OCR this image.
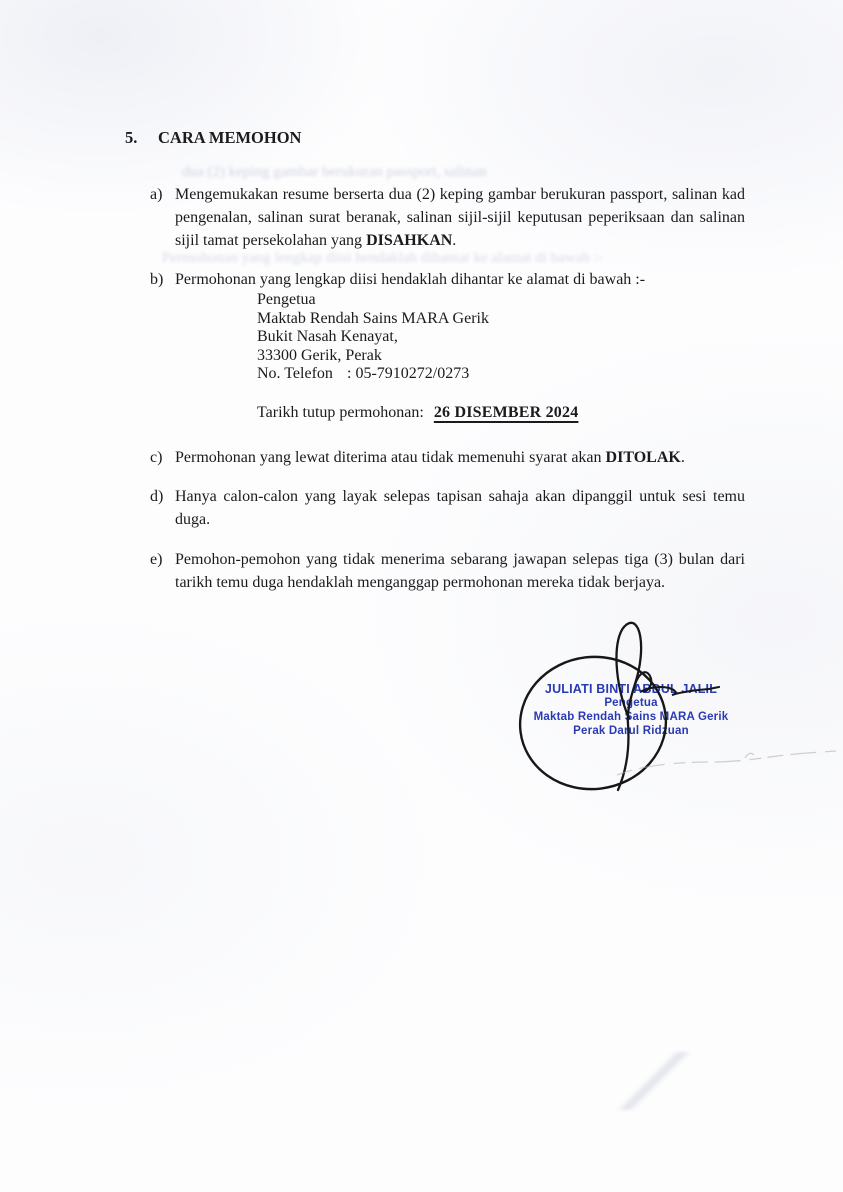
dua (2) keping gambar berukuran passport, salinan
Permohonan yang lengkap diisi hendaklah dihantar ke alamat di bawah :-
5.	CARA MEMOHON
a) Mengemukakan resume berserta dua (2) keping gambar berukuran passport, salinan kad pengenalan, salinan surat beranak, salinan sijil-sijil keputusan peperiksaan dan salinan sijil tamat persekolahan yang DISAHKAN.
b) Permohonan yang lengkap diisi hendaklah dihantar ke alamat di bawah :-
Pengetua
Maktab Rendah Sains MARA Gerik
Bukit Nasah Kenayat,
33300 Gerik, Perak
No. Telefon : 05-7910272/0273
Tarikh tutup permohonan: 26 DISEMBER 2024
c) Permohonan yang lewat diterima atau tidak memenuhi syarat akan DITOLAK.
d) Hanya calon-calon yang layak selepas tapisan sahaja akan dipanggil untuk sesi temu duga.
e) Pemohon-pemohon yang tidak menerima sebarang jawapan selepas tiga (3) bulan dari tarikh temu duga hendaklah menganggap permohonan mereka tidak berjaya.
JULIATI BINTI ABDUL JALIL
Pengetua
Maktab Rendah Sains MARA Gerik
Perak Darul Ridzuan
